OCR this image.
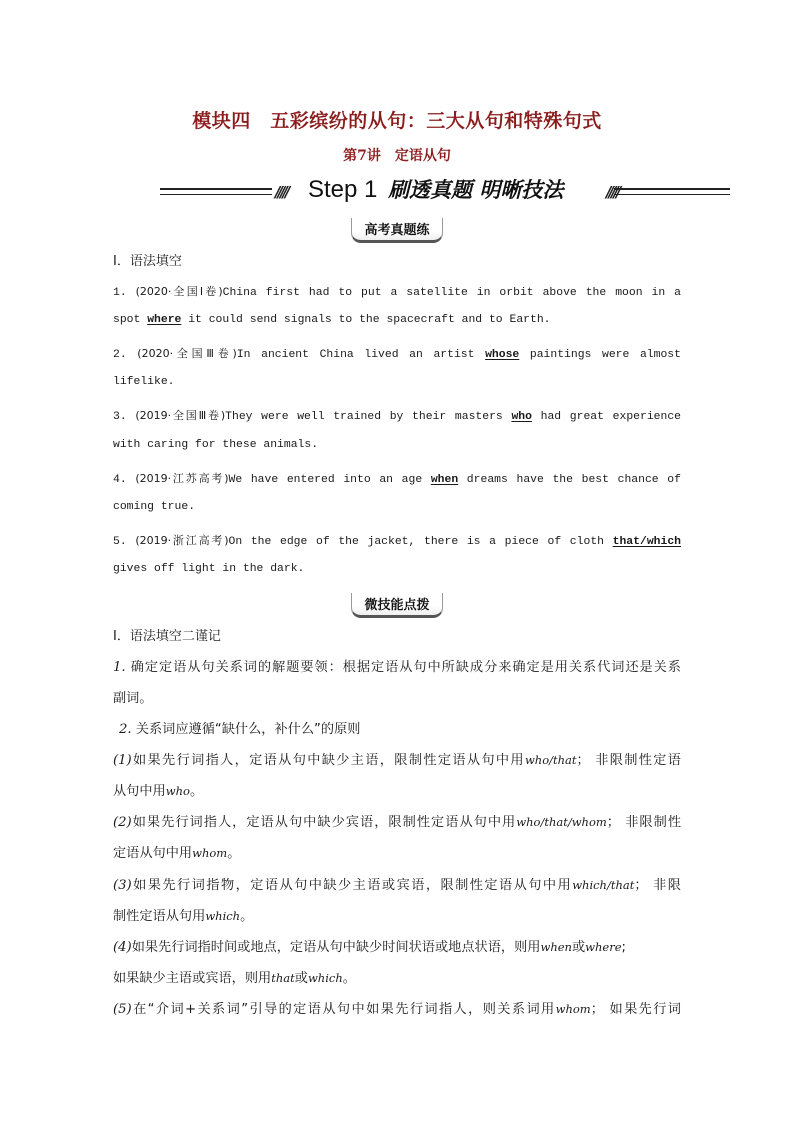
模块四　五彩缤纷的从句：三大从句和特殊句式
第7讲　定语从句
///// Step 1 刷透真题 明晰技法	/////
高考真题练
Ⅰ．语法填空
1. (2020·全国Ⅰ卷)China first had to put a satellite in orbit above the moon in a
spot where it could send signals to the spacecraft and to Earth.
2. (2020·全国Ⅲ卷)In ancient China lived an artist whose paintings were almost
lifelike.
3. (2019·全国Ⅲ卷)They were well trained by their masters who had great experience
with caring for these animals.
4. (2019·江苏高考)We have entered into an age when dreams have the best chance of
coming true.
5. (2019·浙江高考)On the edge of the jacket, there is a piece of cloth that/which
gives off light in the dark.
微技能点拨
Ⅰ．语法填空二谨记
1. 确定定语从句关系词的解题要领：根据定语从句中所缺成分来确定是用关系代词还是关系
副词。
2. 关系词应遵循“缺什么，补什么”的原则
(1)如果先行词指人，定语从句中缺少主语，限制性定语从句中用who/that； 非限制性定语
从句中用who。
(2)如果先行词指人，定语从句中缺少宾语，限制性定语从句中用who/that/whom； 非限制性
定语从句中用whom。
(3)如果先行词指物，定语从句中缺少主语或宾语，限制性定语从句中用which/that； 非限
制性定语从句用which。
(4)如果先行词指时间或地点，定语从句中缺少时间状语或地点状语，则用when或where;
如果缺少主语或宾语，则用that或which。
(5)在“介词+关系词”引导的定语从句中如果先行词指人，则关系词用whom； 如果先行词
